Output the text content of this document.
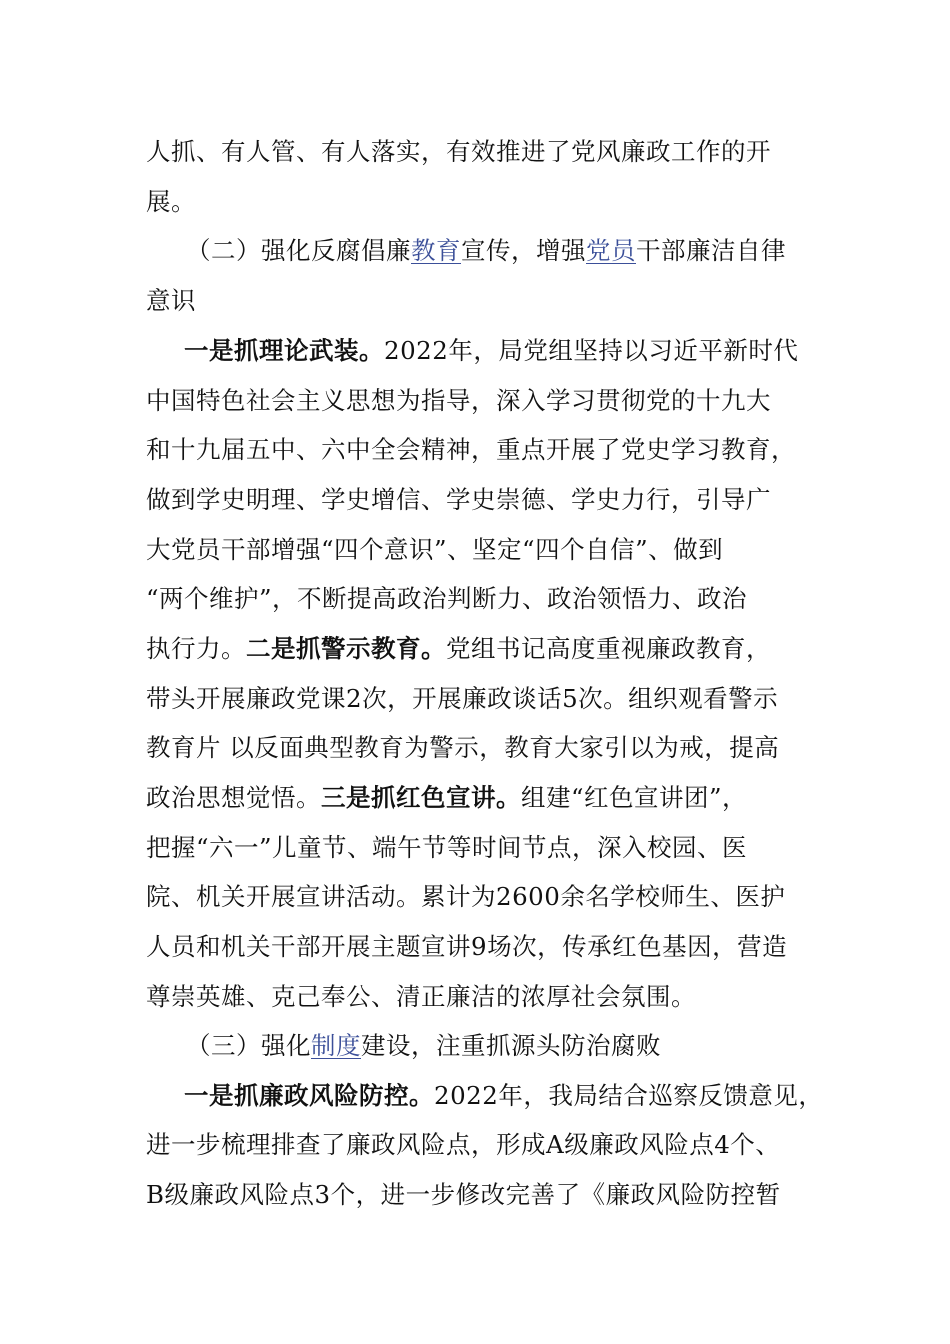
人抓、有人管、有人落实，有效推进了党风廉政工作的开
展。
（二）强化反腐倡廉教育宣传，增强党员干部廉洁自律
意识
一是抓理论武装。2022年，局党组坚持以习近平新时代
中国特色社会主义思想为指导，深入学习贯彻党的十九大
和十九届五中、六中全会精神，重点开展了党史学习教育，
做到学史明理、学史增信、学史崇德、学史力行，引导广
大党员干部增强“四个意识”、坚定“四个自信”、做到
“两个维护”，不断提高政治判断力、政治领悟力、政治
执行力。二是抓警示教育。党组书记高度重视廉政教育，
带头开展廉政党课2次，开展廉政谈话5次。组织观看警示
教育片 以反面典型教育为警示，教育大家引以为戒，提高
政治思想觉悟。三是抓红色宣讲。组建“红色宣讲团”，
把握“六一”儿童节、端午节等时间节点，深入校园、医
院、机关开展宣讲活动。累计为2600余名学校师生、医护
人员和机关干部开展主题宣讲9场次，传承红色基因，营造
尊崇英雄、克己奉公、清正廉洁的浓厚社会氛围。
（三）强化制度建设，注重抓源头防治腐败
一是抓廉政风险防控。2022年，我局结合巡察反馈意见，
进一步梳理排查了廉政风险点，形成A级廉政风险点4个、
B级廉政风险点3个，进一步修改完善了《廉政风险防控暂
